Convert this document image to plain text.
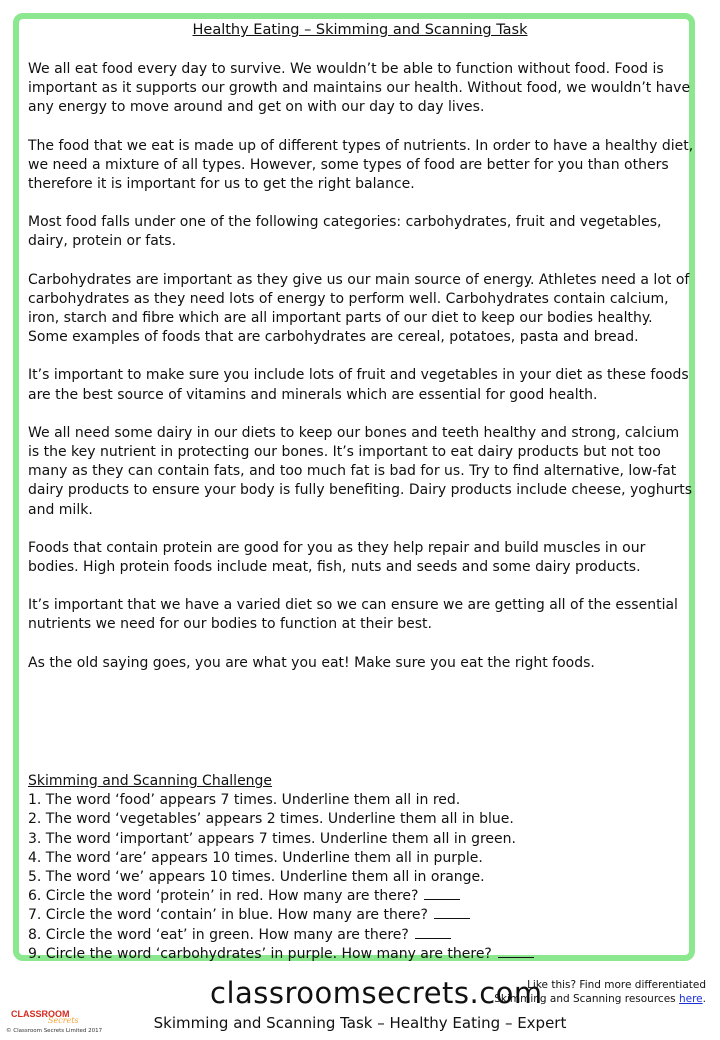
Healthy Eating – Skimming and Scanning Task

We all eat food every day to survive. We wouldn’t be able to function without food. Food is important as it supports our growth and maintains our health. Without food, we wouldn’t have any energy to move around and get on with our day to day lives.

The food that we eat is made up of different types of nutrients. In order to have a healthy diet, we need a mixture of all types. However, some types of food are better for you than others therefore it is important for us to get the right balance.

Most food falls under one of the following categories: carbohydrates, fruit and vegetables, dairy, protein or fats.

Carbohydrates are important as they give us our main source of energy. Athletes need a lot of carbohydrates as they need lots of energy to perform well. Carbohydrates contain calcium, iron, starch and fibre which are all important parts of our diet to keep our bodies healthy. Some examples of foods that are carbohydrates are cereal, potatoes, pasta and bread.

It’s important to make sure you include lots of fruit and vegetables in your diet as these foods are the best source of vitamins and minerals which are essential for good health.

We all need some dairy in our diets to keep our bones and teeth healthy and strong, calcium is the key nutrient in protecting our bones. It’s important to eat dairy products but not too many as they can contain fats, and too much fat is bad for us. Try to find alternative, low-fat dairy products to ensure your body is fully benefiting. Dairy products include cheese, yoghurts and milk.

Foods that contain protein are good for you as they help repair and build muscles in our bodies. High protein foods include meat, fish, nuts and seeds and some dairy products.

It’s important that we have a varied diet so we can ensure we are getting all of the essential nutrients we need for our bodies to function at their best.

As the old saying goes, you are what you eat! Make sure you eat the right foods.

Skimming and Scanning Challenge

1. The word ‘food’ appears 7 times. Underline them all in red.
2. The word ‘vegetables’ appears 2 times. Underline them all in blue.
3. The word ‘important’ appears 7 times. Underline them all in green.
4. The word ‘are’ appears 10 times. Underline them all in purple.
5. The word ‘we’ appears 10 times. Underline them all in orange.
6. Circle the word ‘protein’ in red. How many are there?
7. Circle the word ‘contain’ in blue. How many are there?
8. Circle the word ‘eat’ in green. How many are there?
9. Circle the word ‘carbohydrates’ in purple. How many are there?
CLASSROOM
Secrets
© Classroom Secrets Limited 2017
classroomsecrets.com
Like this? Find more differentiated
Skimming and Scanning resources here.
Skimming and Scanning Task – Healthy Eating – Expert
